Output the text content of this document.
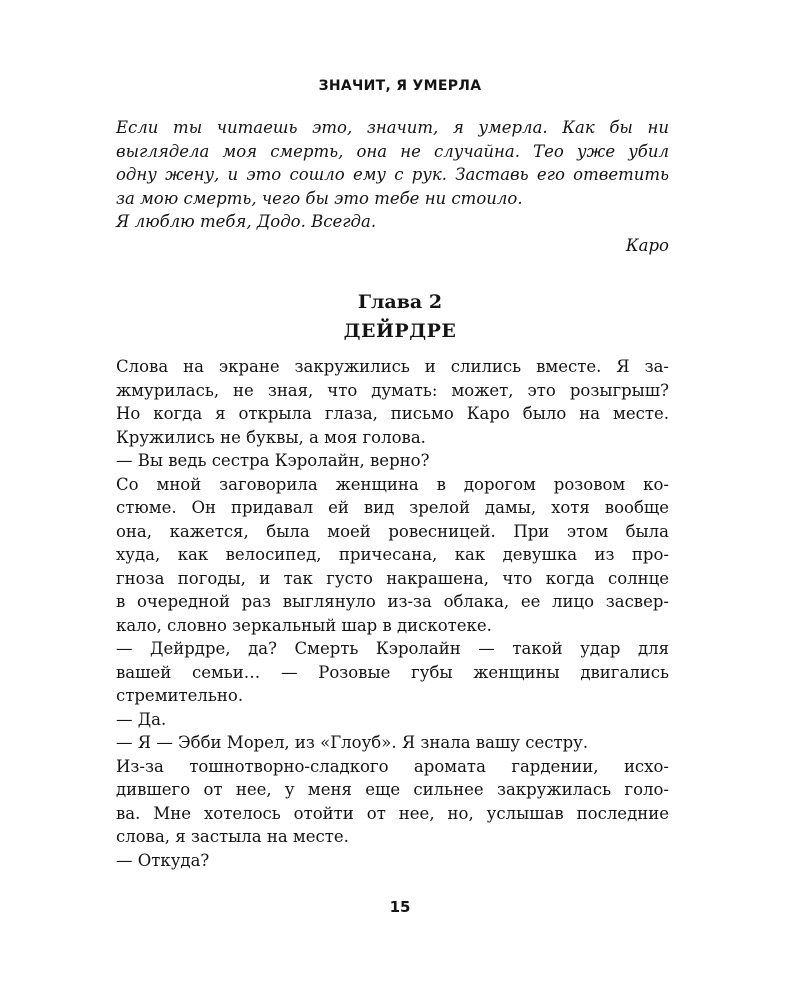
ЗНАЧИТ, Я УМЕРЛА
Если ты читаешь это, значит, я умерла. Как бы ни
выглядела моя смерть, она не случайна. Тео уже убил
одну жену, и это сошло ему с рук. Заставь его ответить
за мою смерть, чего бы это тебе ни стоило.
Я люблю тебя, Додо. Всегда.
Каро
Глава 2
ДЕЙРДРЕ
Слова на экране закружились и слились вместе. Я за-
жмурилась, не зная, что думать: может, это розыгрыш?
Но когда я открыла глаза, письмо Каро было на месте.
Кружились не буквы, а моя голова.
— Вы ведь сестра Кэролайн, верно?
Со мной заговорила женщина в дорогом розовом ко-
стюме. Он придавал ей вид зрелой дамы, хотя вообще
она, кажется, была моей ровесницей. При этом была
худа, как велосипед, причесана, как девушка из про-
гноза погоды, и так густо накрашена, что когда солнце
в очередной раз выглянуло из-за облака, ее лицо засвер-
кало, словно зеркальный шар в дискотеке.
— Дейрдре, да? Смерть Кэролайн — такой удар для
вашей семьи… — Розовые губы женщины двигались
стремительно.
— Да.
— Я — Эбби Морел, из «Глоуб». Я знала вашу сестру.
Из-за тошнотворно-сладкого аромата гардении, исхо-
дившего от нее, у меня еще сильнее закружилась голо-
ва. Мне хотелось отойти от нее, но, услышав последние
слова, я застыла на месте.
— Откуда?
15
